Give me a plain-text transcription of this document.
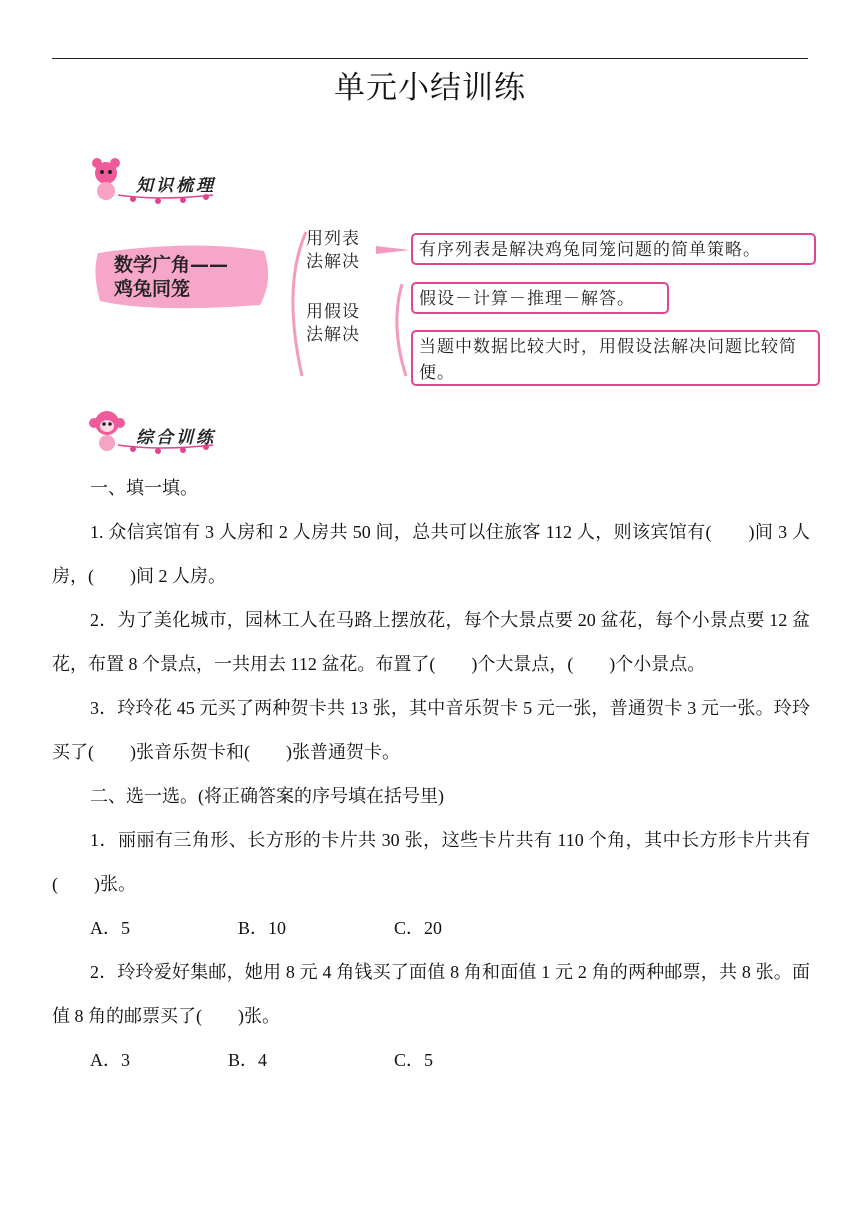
单元小结训练
知识梳理
数学广角——
鸡兔同笼
用列表
法解决
用假设
法解决
有序列表是解决鸡兔同笼问题的简单策略。
假设－计算－推理－解答。
当题中数据比较大时，用假设法解决问题比较简便。
综合训练

一、填一填。

1. 众信宾馆有 3 人房和 2 人房共 50 间，总共可以住旅客 112 人，则该宾馆有(　　)间 3 人房，(　　)间 2 人房。

2．为了美化城市，园林工人在马路上摆放花，每个大景点要 20 盆花，每个小景点要 12 盆花，布置 8 个景点，一共用去 112 盆花。布置了(　　)个大景点，(　　)个小景点。

3．玲玲花 45 元买了两种贺卡共 13 张，其中音乐贺卡 5 元一张，普通贺卡 3 元一张。玲玲买了(　　)张音乐贺卡和(　　)张普通贺卡。

二、选一选。(将正确答案的序号填在括号里)

1．丽丽有三角形、长方形的卡片共 30 张，这些卡片共有 110 个角，其中长方形卡片共有(　　)张。

A．5	B．10	C．20

2．玲玲爱好集邮，她用 8 元 4 角钱买了面值 8 角和面值 1 元 2 角的两种邮票，共 8 张。面值 8 角的邮票买了(　　)张。

A．3	B．4	C．5
